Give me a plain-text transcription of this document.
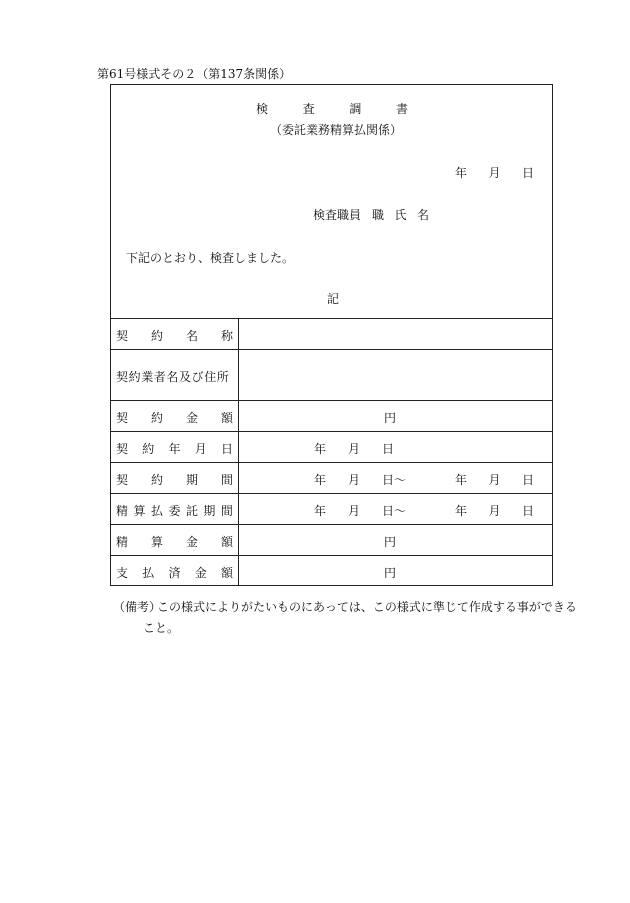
第61号様式その２（第137条関係）
検	査	調	書
（委託業務精算払関係）
年 月 日
検査職員 職 氏 名
下記のとおり、検査しました。
記
契 約 名 称
契約業者名及び住所
契 約 金 額	円
契 約 年 月 日	年 月 日
契 約 期 間	年 月 日〜	年 月 日
精 算 払 委 託 期 間	年 月 日〜	年 月 日
精 算 金 額	円
支 払 済 金 額	円
（備考）
この様式によりがたいものにあっては、この様式に準じて作成する事ができる
こと。
